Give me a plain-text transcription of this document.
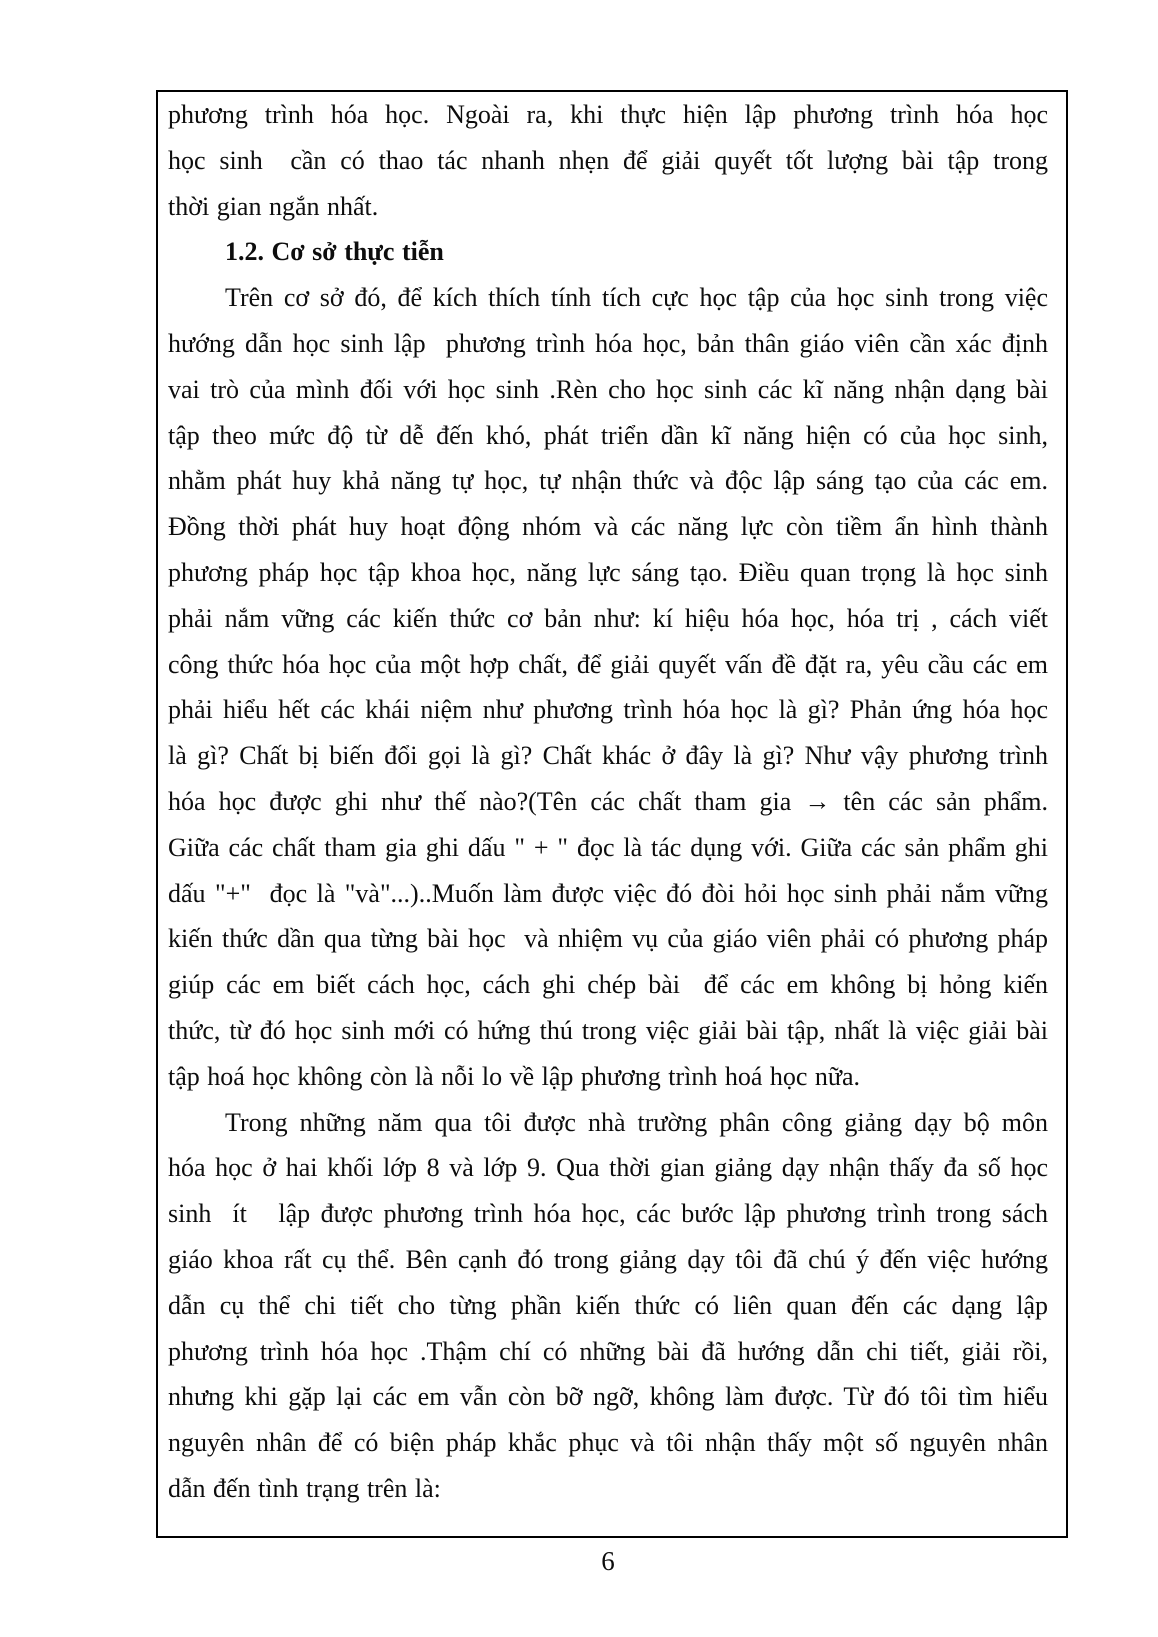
phương trình hóa học. Ngoài ra, khi thực hiện lập phương trình hóa học
học sinh  cần có thao tác nhanh nhẹn để giải quyết tốt lượng bài tập trong
thời gian ngắn nhất.
1.2. Cơ sở thực tiễn
Trên cơ sở đó, để kích thích tính tích cực học tập của học sinh trong việc
hướng dẫn học sinh lập  phương trình hóa học, bản thân giáo viên cần xác định
vai trò của mình đối với học sinh .Rèn cho học sinh các kĩ năng nhận dạng bài
tập theo mức độ từ dễ đến khó, phát triển dần kĩ năng hiện có của học sinh,
nhằm phát huy khả năng tự học, tự nhận thức và độc lập sáng tạo của các em.
Đồng thời phát huy hoạt động nhóm và các năng lực còn tiềm ẩn hình thành
phương pháp học tập khoa học, năng lực sáng tạo. Điều quan trọng là học sinh
phải nắm vững các kiến thức cơ bản như: kí hiệu hóa học, hóa trị , cách viết
công thức hóa học của một hợp chất, để giải quyết vấn đề đặt ra, yêu cầu các em
phải hiểu hết các khái niệm như phương trình hóa học là gì? Phản ứng hóa học
là gì? Chất bị biến đổi gọi là gì? Chất khác ở đây là gì? Như vậy phương trình
hóa học được ghi như thế nào?(Tên các chất tham gia → tên các sản phẩm.
Giữa các chất tham gia ghi dấu " + " đọc là tác dụng với. Giữa các sản phẩm ghi
dấu "+"  đọc là "và"...)..Muốn làm được việc đó đòi hỏi học sinh phải nắm vững
kiến thức dần qua từng bài học  và nhiệm vụ của giáo viên phải có phương pháp
giúp các em biết cách học, cách ghi chép bài  để các em không bị hỏng kiến
thức, từ đó học sinh mới có hứng thú trong việc giải bài tập, nhất là việc giải bài
tập hoá học không còn là nỗi lo về lập phương trình hoá học nữa.
Trong những năm qua tôi được nhà trường phân công giảng dạy bộ môn
hóa học ở hai khối lớp 8 và lớp 9. Qua thời gian giảng dạy nhận thấy đa số học
sinh  ít   lập được phương trình hóa học, các bước lập phương trình trong sách
giáo khoa rất cụ thể. Bên cạnh đó trong giảng dạy tôi đã chú ý đến việc hướng
dẫn cụ thể chi tiết cho từng phần kiến thức có liên quan đến các dạng lập
phương trình hóa học .Thậm chí có những bài đã hướng dẫn chi tiết, giải rồi,
nhưng khi gặp lại các em vẫn còn bỡ ngỡ, không làm được. Từ đó tôi tìm hiểu
nguyên nhân để có biện pháp khắc phục và tôi nhận thấy một số nguyên nhân
dẫn đến tình trạng trên là:
6
